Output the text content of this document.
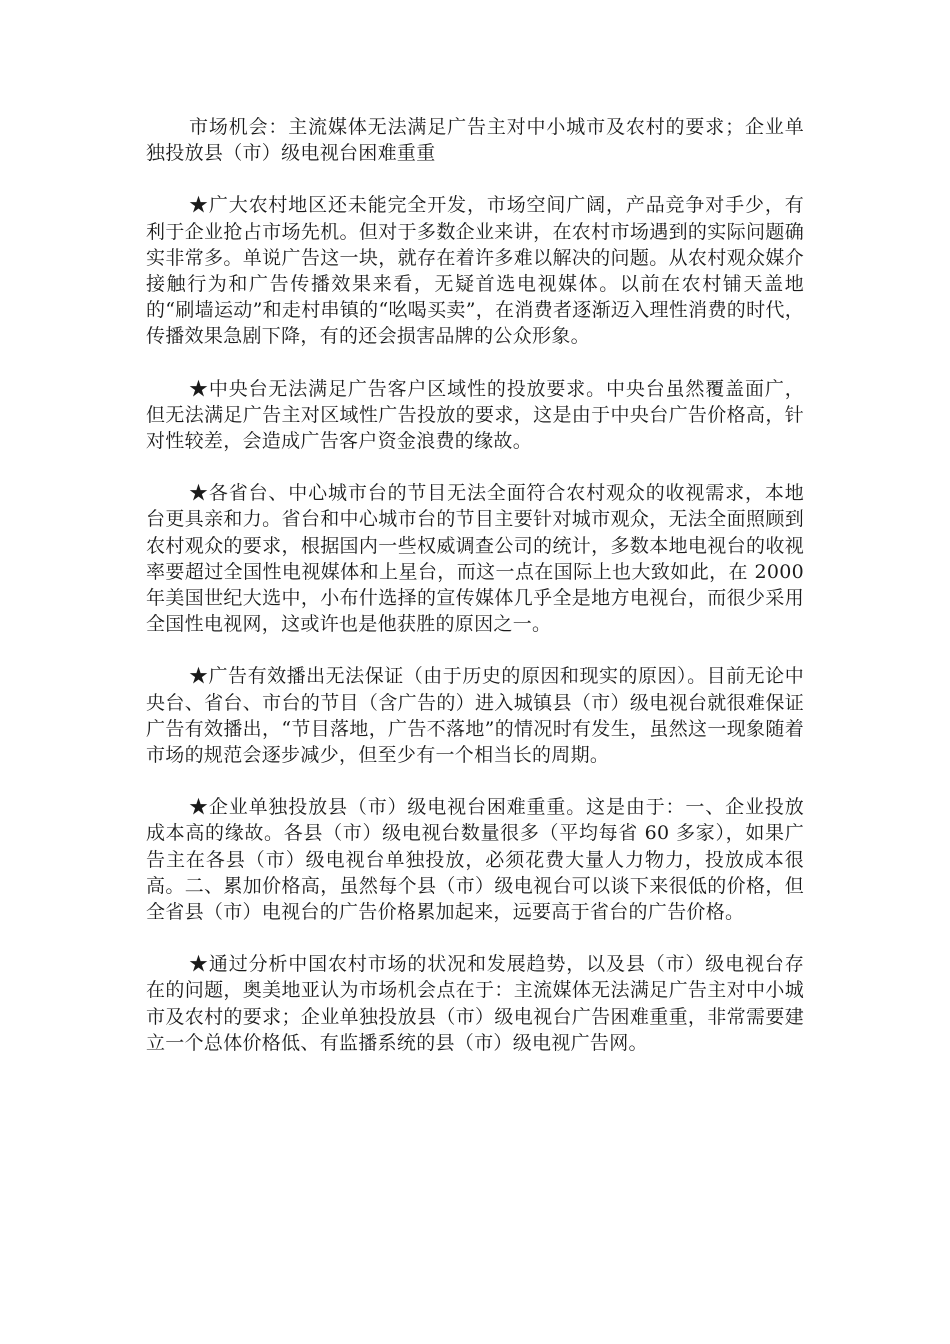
市场机会：主流媒体无法满足广告主对中小城市及农村的要求；企业单独投放县（市）级电视台困难重重

★广大农村地区还未能完全开发，市场空间广阔，产品竞争对手少，有利于企业抢占市场先机。但对于多数企业来讲，在农村市场遇到的实际问题确实非常多。单说广告这一块，就存在着许多难以解决的问题。从农村观众媒介接触行为和广告传播效果来看，无疑首选电视媒体。以前在农村铺天盖地的“刷墙运动”和走村串镇的“吆喝买卖”，在消费者逐渐迈入理性消费的时代，传播效果急剧下降，有的还会损害品牌的公众形象。

★中央台无法满足广告客户区域性的投放要求。中央台虽然覆盖面广，但无法满足广告主对区域性广告投放的要求，这是由于中央台广告价格高，针对性较差，会造成广告客户资金浪费的缘故。

★各省台、中心城市台的节目无法全面符合农村观众的收视需求，本地台更具亲和力。省台和中心城市台的节目主要针对城市观众，无法全面照顾到农村观众的要求，根据国内一些权威调查公司的统计，多数本地电视台的收视率要超过全国性电视媒体和上星台，而这一点在国际上也大致如此，在 2000 年美国世纪大选中，小布什选择的宣传媒体几乎全是地方电视台，而很少采用全国性电视网，这或许也是他获胜的原因之一。

★广告有效播出无法保证（由于历史的原因和现实的原因）。目前无论中央台、省台、市台的节目（含广告的）进入城镇县（市）级电视台就很难保证广告有效播出，“节目落地，广告不落地”的情况时有发生，虽然这一现象随着市场的规范会逐步减少，但至少有一个相当长的周期。

★企业单独投放县（市）级电视台困难重重。这是由于：一、企业投放成本高的缘故。各县（市）级电视台数量很多（平均每省 60 多家），如果广告主在各县（市）级电视台单独投放，必须花费大量人力物力，投放成本很高。二、累加价格高，虽然每个县（市）级电视台可以谈下来很低的价格，但全省县（市）电视台的广告价格累加起来，远要高于省台的广告价格。

★通过分析中国农村市场的状况和发展趋势，以及县（市）级电视台存在的问题，奥美地亚认为市场机会点在于：主流媒体无法满足广告主对中小城市及农村的要求；企业单独投放县（市）级电视台广告困难重重，非常需要建立一个总体价格低、有监播系统的县（市）级电视广告网。
